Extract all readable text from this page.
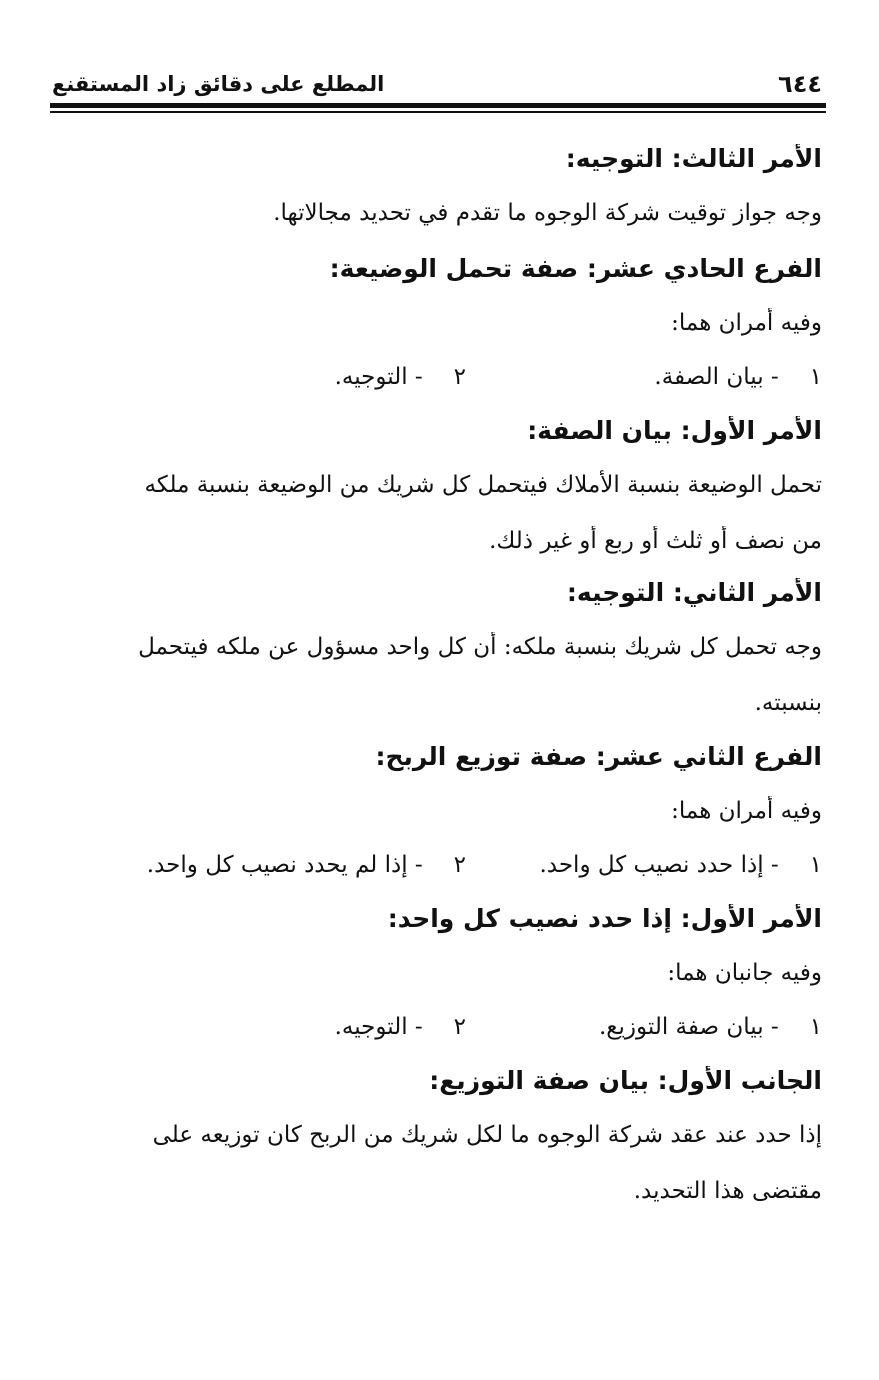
٦٤٤
المطلع على دقائق زاد المستقنع
الأمر الثالث: التوجيه:
وجه جواز توقيت شركة الوجوه ما تقدم في تحديد مجالاتها.
الفرع الحادي عشر: صفة تحمل الوضيعة:
وفيه أمران هما:
١ - بيان الصفة.
٢ - التوجيه.
الأمر الأول: بيان الصفة:
تحمل الوضيعة بنسبة الأملاك فيتحمل كل شريك من الوضيعة بنسبة ملكه
من نصف أو ثلث أو ربع أو غير ذلك.
الأمر الثاني: التوجيه:
وجه تحمل كل شريك بنسبة ملكه: أن كل واحد مسؤول عن ملكه فيتحمل
بنسبته.
الفرع الثاني عشر: صفة توزيع الربح:
وفيه أمران هما:
١ - إذا حدد نصيب كل واحد.
٢ - إذا لم يحدد نصيب كل واحد.
الأمر الأول: إذا حدد نصيب كل واحد:
وفيه جانبان هما:
١ - بيان صفة التوزيع.
٢ - التوجيه.
الجانب الأول: بيان صفة التوزيع:
إذا حدد عند عقد شركة الوجوه ما لكل شريك من الربح كان توزيعه على
مقتضى هذا التحديد.
